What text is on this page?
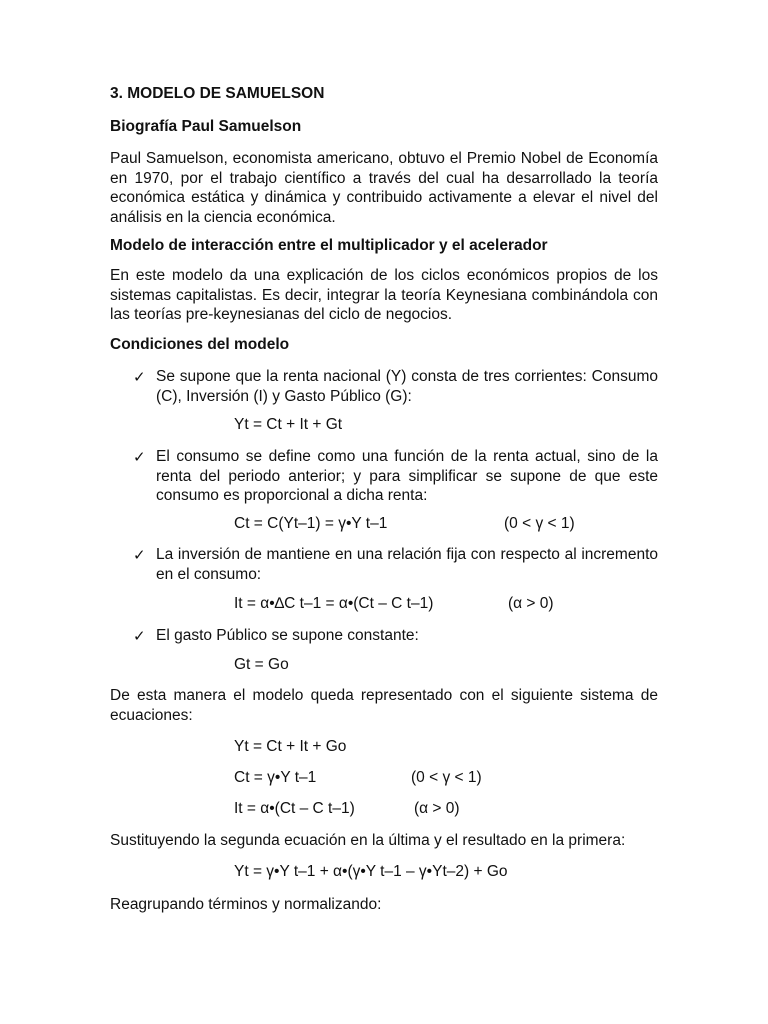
3. MODELO DE SAMUELSON
Biografía Paul Samuelson
Paul Samuelson, economista americano, obtuvo el Premio Nobel de Economía en 1970, por el trabajo científico a través del cual ha desarrollado la teoría económica estática y dinámica y contribuido activamente a elevar el nivel del análisis en la ciencia económica.
Modelo de interacción entre el multiplicador y el acelerador
En este modelo da una explicación de los ciclos económicos propios de los sistemas capitalistas. Es decir, integrar la teoría Keynesiana combinándola con las teorías pre-keynesianas del ciclo de negocios.
Condiciones del modelo
✓ Se supone que la renta nacional (Y) consta de tres corrientes: Consumo (C), Inversión (I) y Gasto Público (G):
Yt = Ct + It + Gt
✓ El consumo se define como una función de la renta actual, sino de la renta del periodo anterior; y para simplificar se supone de que este consumo es proporcional a dicha renta:
Ct = C(Yt–1) = γ•Y t–1	(0 < γ < 1)
✓ La inversión de mantiene en una relación fija con respecto al incremento en el consumo:
It = α•∆C t–1 = α•(Ct – C t–1)	(α > 0)
✓ El gasto Público se supone constante:
Gt = Go
De esta manera el modelo queda representado con el siguiente sistema de ecuaciones:
Yt = Ct + It + Go
Ct = γ•Y t–1	(0 < γ < 1)
It = α•(Ct – C t–1)	(α > 0)
Sustituyendo la segunda ecuación en la última y el resultado en la primera:
Yt = γ•Y t–1 + α•(γ•Y t–1 – γ•Yt–2) + Go
Reagrupando términos y normalizando:
